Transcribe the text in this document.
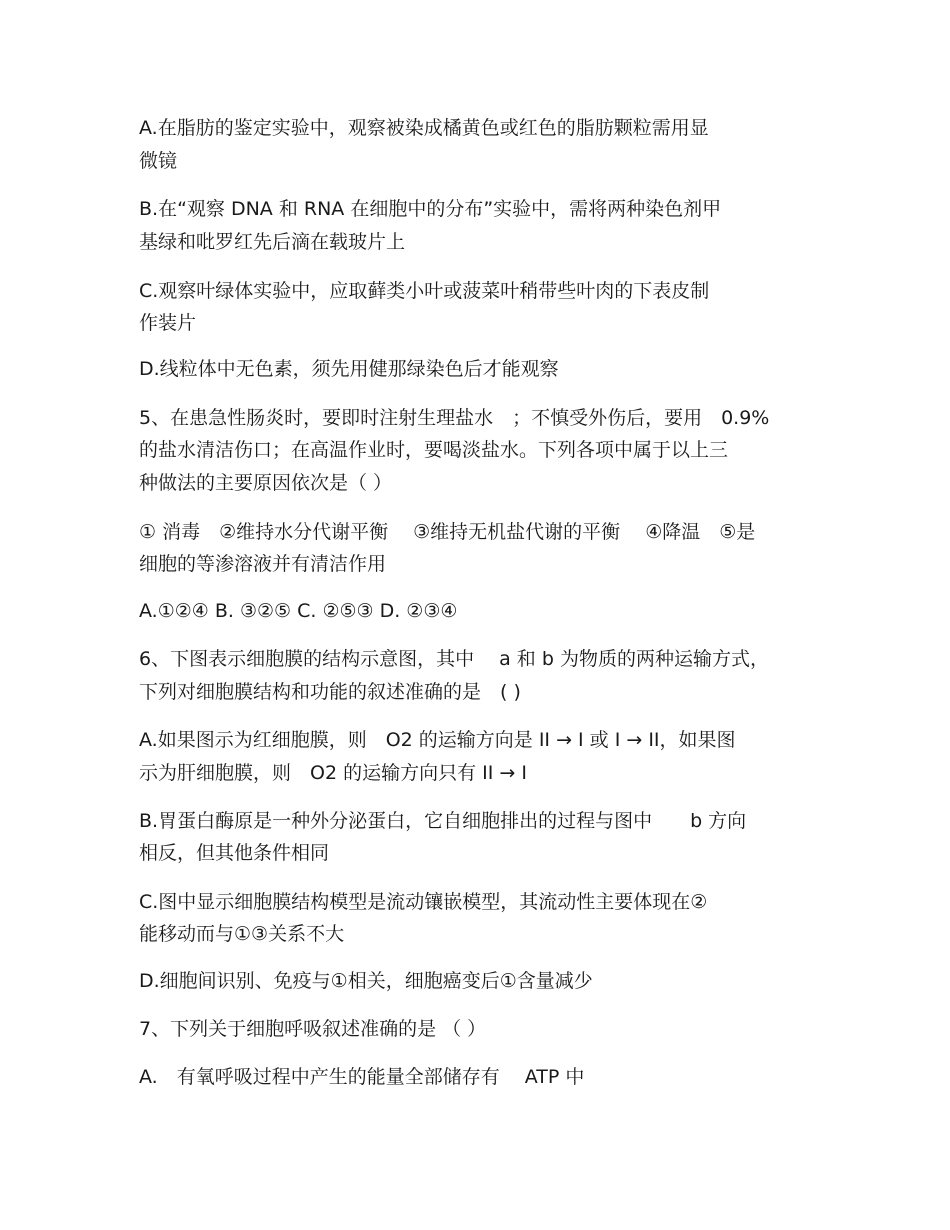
A.在脂肪的鉴定实验中，观察被染成橘黄色或红色的脂肪颗粒需用显
微镜
B.在“观察 DNA 和 RNA 在细胞中的分布”实验中，需将两种染色剂甲
基绿和吡罗红先后滴在载玻片上
C.观察叶绿体实验中，应取藓类小叶或菠菜叶稍带些叶肉的下表皮制
作装片
D.线粒体中无色素，须先用健那绿染色后才能观察
5、在患急性肠炎时，要即时注射生理盐水　；不慎受外伤后，要用　0.9%
的盐水清洁伤口；在高温作业时，要喝淡盐水。下列各项中属于以上三
种做法的主要原因依次是（ ）
① 消毒　②维持水分代谢平衡　 ③维持无机盐代谢的平衡　 ④降温　⑤是
细胞的等渗溶液并有清洁作用
A.①②④ B. ③②⑤ C. ②⑤③ D. ②③④
6、下图表示细胞膜的结构示意图，其中　 a 和 b 为物质的两种运输方式，
下列对细胞膜结构和功能的叙述准确的是　( )
A.如果图示为红细胞膜，则　O2 的运输方向是 II → I 或 I → II，如果图
示为肝细胞膜，则　O2 的运输方向只有 II → I
B.胃蛋白酶原是一种外分泌蛋白，它自细胞排出的过程与图中　　b 方向
相反，但其他条件相同
C.图中显示细胞膜结构模型是流动镶嵌模型，其流动性主要体现在②
能移动而与①③关系不大
D.细胞间识别、免疫与①相关，细胞癌变后①含量减少
7、下列关于细胞呼吸叙述准确的是 （ ）
A.　有氧呼吸过程中产生的能量全部储存有　 ATP 中
